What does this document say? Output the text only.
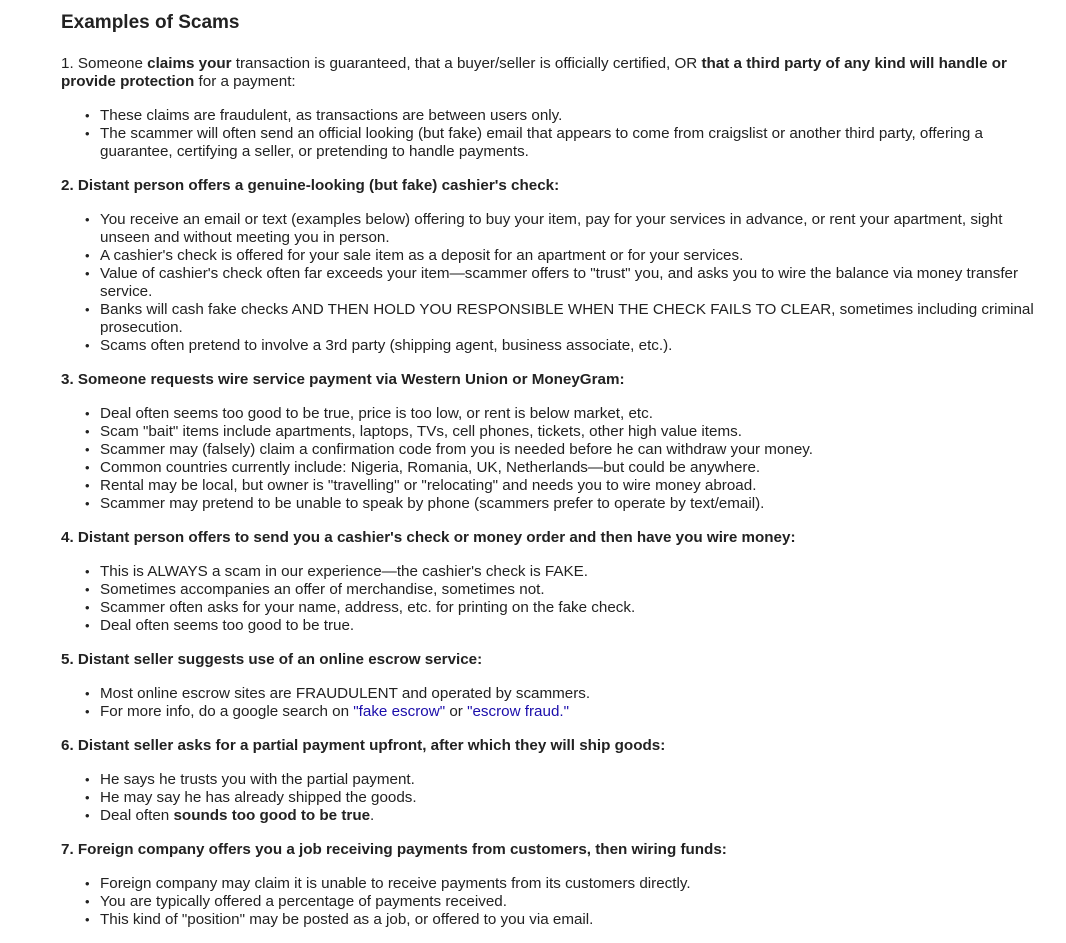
Examples of Scams

1. Someone claims your transaction is guaranteed, that a buyer/seller is officially certified, OR that a third party of any kind will handle or provide protection for a payment:

• These claims are fraudulent, as transactions are between users only.
• The scammer will often send an official looking (but fake) email that appears to come from craigslist or another third party, offering a guarantee, certifying a seller, or pretending to handle payments.

2. Distant person offers a genuine-looking (but fake) cashier's check:

• You receive an email or text (examples below) offering to buy your item, pay for your services in advance, or rent your apartment, sight unseen and without meeting you in person.
• A cashier's check is offered for your sale item as a deposit for an apartment or for your services.
• Value of cashier's check often far exceeds your item—scammer offers to "trust" you, and asks you to wire the balance via money transfer service.
• Banks will cash fake checks AND THEN HOLD YOU RESPONSIBLE WHEN THE CHECK FAILS TO CLEAR, sometimes including criminal prosecution.
• Scams often pretend to involve a 3rd party (shipping agent, business associate, etc.).

3. Someone requests wire service payment via Western Union or MoneyGram:

• Deal often seems too good to be true, price is too low, or rent is below market, etc.
• Scam "bait" items include apartments, laptops, TVs, cell phones, tickets, other high value items.
• Scammer may (falsely) claim a confirmation code from you is needed before he can withdraw your money.
• Common countries currently include: Nigeria, Romania, UK, Netherlands—but could be anywhere.
• Rental may be local, but owner is "travelling" or "relocating" and needs you to wire money abroad.
• Scammer may pretend to be unable to speak by phone (scammers prefer to operate by text/email).

4. Distant person offers to send you a cashier's check or money order and then have you wire money:

• This is ALWAYS a scam in our experience—the cashier's check is FAKE.
• Sometimes accompanies an offer of merchandise, sometimes not.
• Scammer often asks for your name, address, etc. for printing on the fake check.
• Deal often seems too good to be true.

5. Distant seller suggests use of an online escrow service:

• Most online escrow sites are FRAUDULENT and operated by scammers.
• For more info, do a google search on "fake escrow" or "escrow fraud."

6. Distant seller asks for a partial payment upfront, after which they will ship goods:

• He says he trusts you with the partial payment.
• He may say he has already shipped the goods.
• Deal often sounds too good to be true.

7. Foreign company offers you a job receiving payments from customers, then wiring funds:

• Foreign company may claim it is unable to receive payments from its customers directly.
• You are typically offered a percentage of payments received.
• This kind of "position" may be posted as a job, or offered to you via email.
